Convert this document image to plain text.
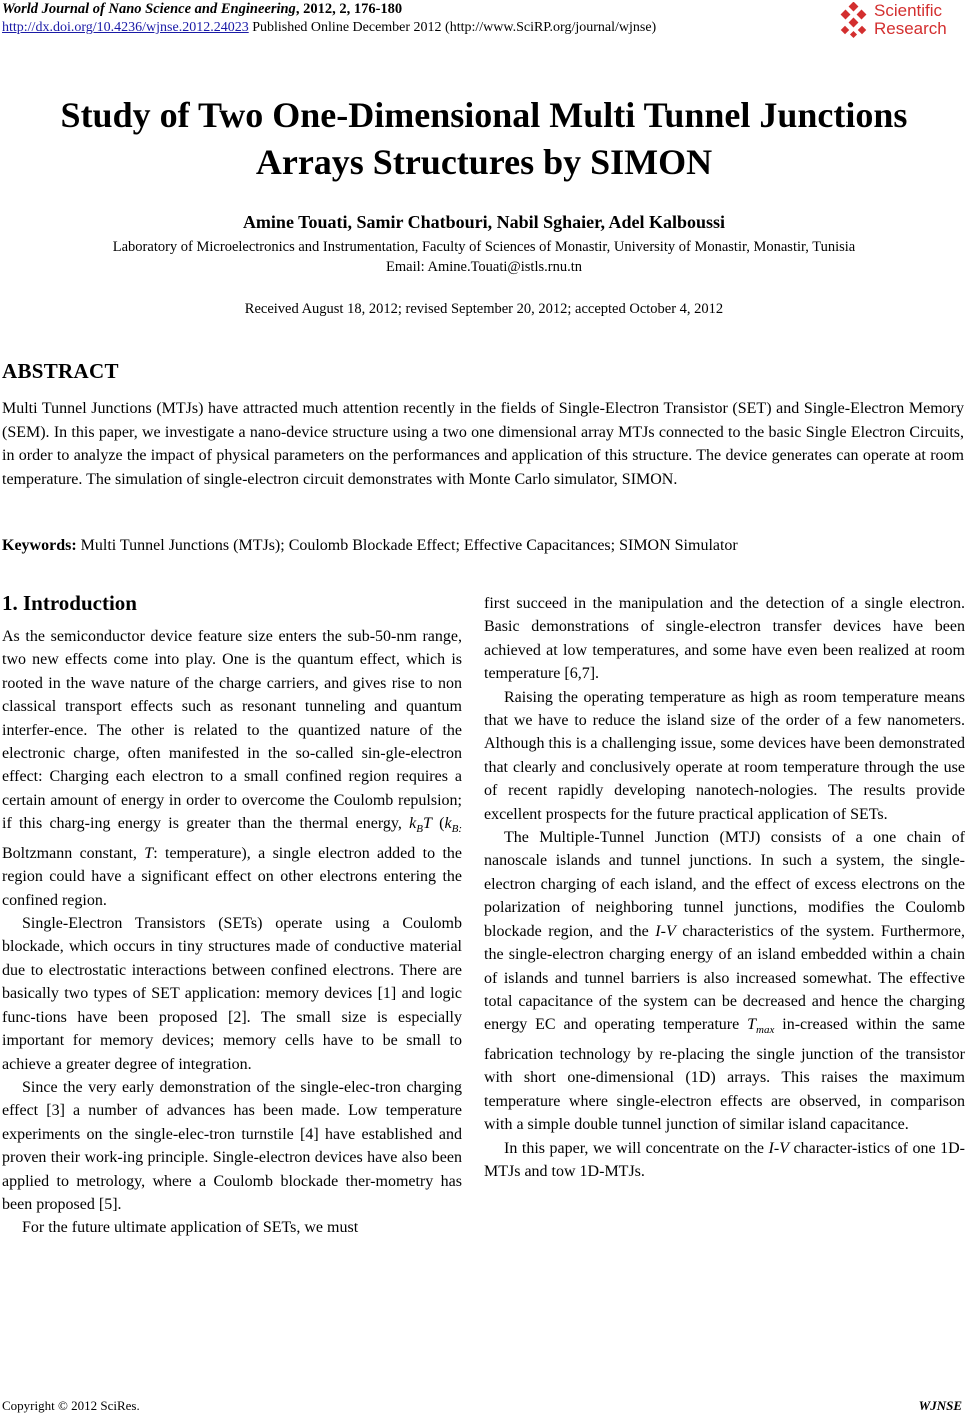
World Journal of Nano Science and Engineering, 2012, 2, 176-180
http://dx.doi.org/10.4236/wjnse.2012.24023 Published Online December 2012 (http://www.SciRP.org/journal/wjnse)
Scientific
Research
Study of Two One-Dimensional Multi Tunnel Junctions Arrays Structures by SIMON
Amine Touati, Samir Chatbouri, Nabil Sghaier, Adel Kalboussi
Laboratory of Microelectronics and Instrumentation, Faculty of Sciences of Monastir, University of Monastir, Monastir, Tunisia
Email: Amine.Touati@istls.rnu.tn
Received August 18, 2012; revised September 20, 2012; accepted October 4, 2012
ABSTRACT
Multi Tunnel Junctions (MTJs) have attracted much attention recently in the fields of Single-Electron Transistor (SET) and Single-Electron Memory (SEM). In this paper, we investigate a nano-device structure using a two one dimensional array MTJs connected to the basic Single Electron Circuits, in order to analyze the impact of physical parameters on the performances and application of this structure. The device generates can operate at room temperature. The simulation of single-electron circuit demonstrates with Monte Carlo simulator, SIMON.
Keywords: Multi Tunnel Junctions (MTJs); Coulomb Blockade Effect; Effective Capacitances; SIMON Simulator
1. Introduction

As the semiconductor device feature size enters the sub-50-nm range, two new effects come into play. One is the quantum effect, which is rooted in the wave nature of the charge carriers, and gives rise to non classical transport effects such as resonant tunneling and quantum interfer-ence. The other is related to the quantized nature of the electronic charge, often manifested in the so-called sin-gle-electron effect: Charging each electron to a small confined region requires a certain amount of energy in order to overcome the Coulomb repulsion; if this charg-ing energy is greater than the thermal energy, $k_BT$ ($k_{B:}$ Boltzmann constant, T: temperature), a single electron added to the region could have a significant effect on other electrons entering the confined region.

Single-Electron Transistors (SETs) operate using a Coulomb blockade, which occurs in tiny structures made of conductive material due to electrostatic interactions between confined electrons. There are basically two types of SET application: memory devices [1] and logic func-tions have been proposed [2]. The small size is especially important for memory devices; memory cells have to be small to achieve a greater degree of integration.

Since the very early demonstration of the single-elec-tron charging effect [3] a number of advances has been made. Low temperature experiments on the single-elec-tron turnstile [4] have established and proven their work-ing principle. Single-electron devices have also been applied to metrology, where a Coulomb blockade ther-mometry has been proposed [5].

For the future ultimate application of SETs, we must

first succeed in the manipulation and the detection of a single electron. Basic demonstrations of single-electron transfer devices have been achieved at low temperatures, and some have even been realized at room temperature [6,7].

Raising the operating temperature as high as room temperature means that we have to reduce the island size of the order of a few nanometers. Although this is a challenging issue, some devices have been demonstrated that clearly and conclusively operate at room temperature through the use of recent rapidly developing nanotech-nologies. The results provide excellent prospects for the future practical application of SETs.

The Multiple-Tunnel Junction (MTJ) consists of a one chain of nanoscale islands and tunnel junctions. In such a system, the single-electron charging of each island, and the effect of excess electrons on the polarization of neighboring tunnel junctions, modifies the Coulomb blockade region, and the I-V characteristics of the system. Furthermore, the single-electron charging energy of an island embedded within a chain of islands and tunnel barriers is also increased somewhat. The effective total capacitance of the system can be decreased and hence the charging energy EC and operating temperature $T_{max}$ in-creased within the same fabrication technology by re-placing the single junction of the transistor with short one-dimensional (1D) arrays. This raises the maximum temperature where single-electron effects are observed, in comparison with a simple double tunnel junction of similar island capacitance.

In this paper, we will concentrate on the I-V character-istics of one 1D-MTJs and tow 1D-MTJs.

Copyright © 2012 SciRes.	WJNSE
